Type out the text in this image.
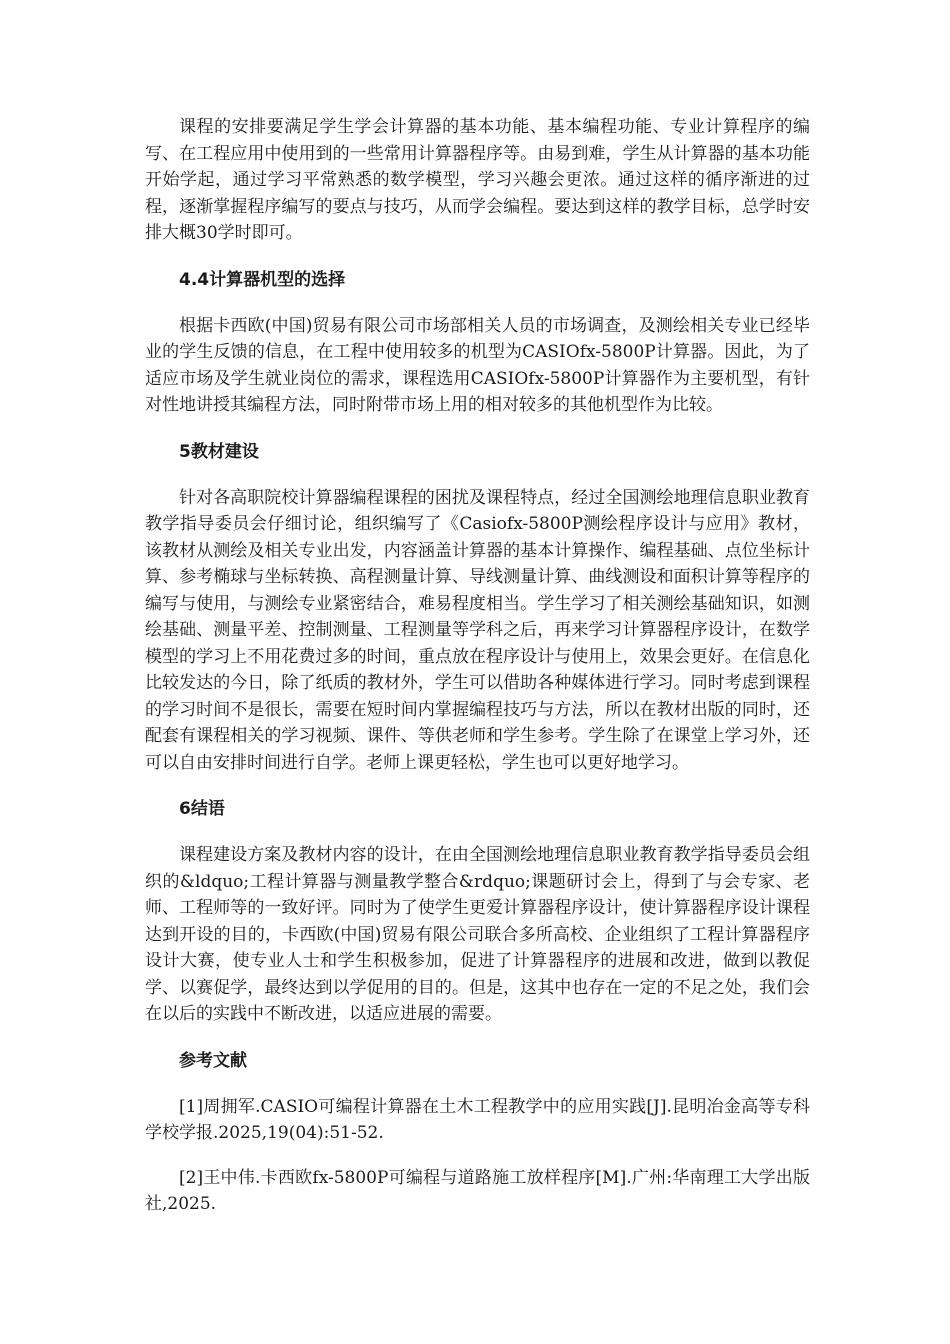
课程的安排要满足学生学会计算器的基本功能、基本编程功能、专业计算程序的编写、在工程应用中使用到的一些常用计算器程序等。由易到难，学生从计算器的基本功能开始学起，通过学习平常熟悉的数学模型，学习兴趣会更浓。通过这样的循序渐进的过程，逐渐掌握程序编写的要点与技巧，从而学会编程。要达到这样的教学目标，总学时安排大概30学时即可。

4.4计算器机型的选择

根据卡西欧(中国)贸易有限公司市场部相关人员的市场调查，及测绘相关专业已经毕业的学生反馈的信息，在工程中使用较多的机型为CASIOfx-5800P计算器。因此，为了适应市场及学生就业岗位的需求，课程选用CASIOfx-5800P计算器作为主要机型，有针对性地讲授其编程方法，同时附带市场上用的相对较多的其他机型作为比较。

5教材建设

针对各高职院校计算器编程课程的困扰及课程特点，经过全国测绘地理信息职业教育教学指导委员会仔细讨论，组织编写了《Casiofx-5800P测绘程序设计与应用》教材，该教材从测绘及相关专业出发，内容涵盖计算器的基本计算操作、编程基础、点位坐标计算、参考椭球与坐标转换、高程测量计算、导线测量计算、曲线测设和面积计算等程序的编写与使用，与测绘专业紧密结合，难易程度相当。学生学习了相关测绘基础知识，如测绘基础、测量平差、控制测量、工程测量等学科之后，再来学习计算器程序设计，在数学模型的学习上不用花费过多的时间，重点放在程序设计与使用上，效果会更好。在信息化比较发达的今日，除了纸质的教材外，学生可以借助各种媒体进行学习。同时考虑到课程的学习时间不是很长，需要在短时间内掌握编程技巧与方法，所以在教材出版的同时，还配套有课程相关的学习视频、课件、等供老师和学生参考。学生除了在课堂上学习外，还可以自由安排时间进行自学。老师上课更轻松，学生也可以更好地学习。

6结语

课程建设方案及教材内容的设计，在由全国测绘地理信息职业教育教学指导委员会组织的&ldquo;工程计算器与测量教学整合&rdquo;课题研讨会上，得到了与会专家、老师、工程师等的一致好评。同时为了使学生更爱计算器程序设计，使计算器程序设计课程达到开设的目的，卡西欧(中国)贸易有限公司联合多所高校、企业组织了工程计算器程序设计大赛，使专业人士和学生积极参加，促进了计算器程序的进展和改进，做到以教促学、以赛促学，最终达到以学促用的目的。但是，这其中也存在一定的不足之处，我们会在以后的实践中不断改进，以适应进展的需要。

参考文献

[1]周拥军.CASIO可编程计算器在土木工程教学中的应用实践[J].昆明冶金高等专科学校学报.2025,19(04):51-52.

[2]王中伟.卡西欧fx-5800P可编程与道路施工放样程序[M].广州:华南理工大学出版社,2025.
